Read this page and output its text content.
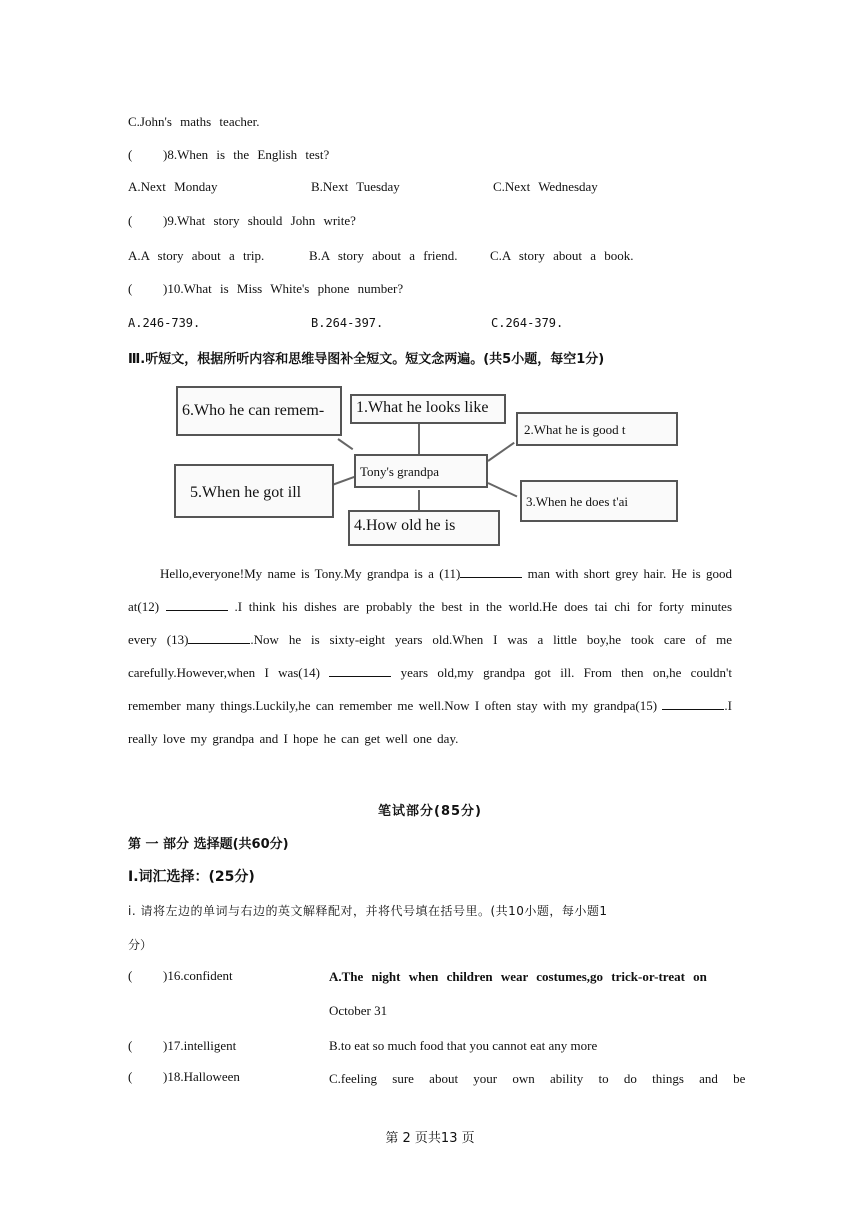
C.John's maths teacher.
( )8.When is the English test?
A.Next Monday	B.Next Tuesday	C.Next Wednesday
( )9.What story should John write?
A.A story about a trip.	B.A story about a friend. C.A story about a book.
( )10.What is Miss White's phone number?
A.246-739.	B.264-397.	C.264-379.
Ⅲ.听短文，根据所听内容和思维导图补全短文。短文念两遍。(共5小题，每空1分)
6.Who he can remem-	1.What he looks like
2.What he is good t
Tony's grandpa
5.When he got ill
3.When he does t'ai
4.How old he is
Hello,everyone!My name is Tony.My grandpa is a (11)	man with short grey hair. He is good at(12)	.I think his dishes are probably the best in the world.He does tai chi for forty minutes every (13)	.Now he is sixty-eight years old.When I was a little boy,he took care of me carefully.However,when I was(14)	years old,my grandpa got ill. From then on,he couldn't remember many things.Luckily,he can remember me well.Now I often stay with my grandpa(15)	.I really love my grandpa and I hope he can get well one day.
笔试部分(85分)
第 一 部分 选择题(共60分)
I.词汇选择：(25分)
i. 请将左边的单词与右边的英文解释配对，并将代号填在括号里。(共10小题，每小题1
分）
( )16.confident	A.The night when children wear costumes,go trick-or-treat on
October 31
( )17.intelligent	B.to eat so much food that you cannot eat any more
( )18.Halloween	C.feeling sure about your own ability to do things and be
第 2 页共13 页
